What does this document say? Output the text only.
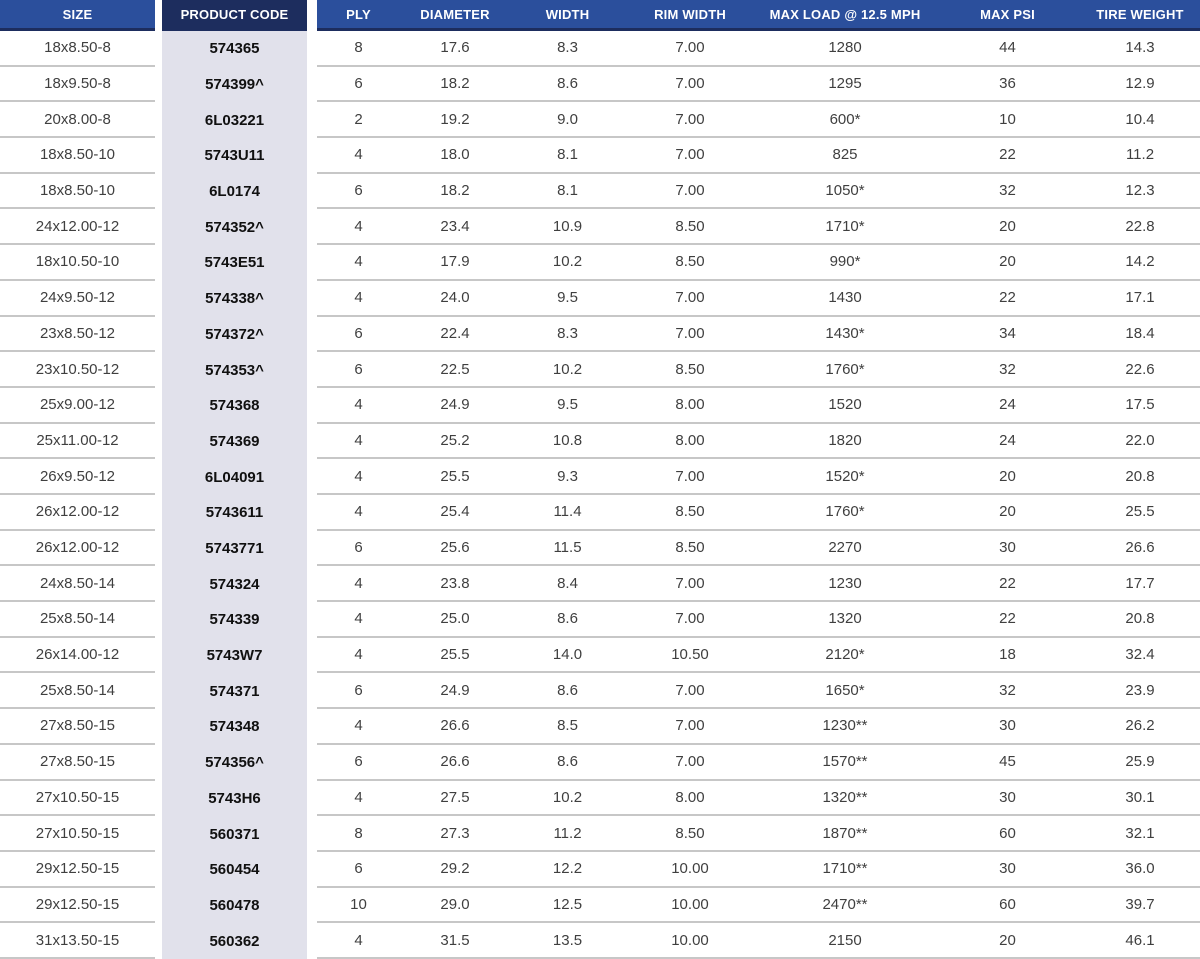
SIZE	PRODUCT CODE	PLY	DIAMETER	WIDTH	RIM WIDTH	MAX LOAD @ 12.5 MPH	MAX PSI	TIRE WEIGHT
18x8.50-8	574365	8	17.6	8.3	7.00	1280	44	14.3
18x9.50-8	574399^	6	18.2	8.6	7.00	1295	36	12.9
20x8.00-8	6L03221	2	19.2	9.0	7.00	600*	10	10.4
18x8.50-10	5743U11	4	18.0	8.1	7.00	825	22	11.2
18x8.50-10	6L0174	6	18.2	8.1	7.00	1050*	32	12.3
24x12.00-12	574352^	4	23.4	10.9	8.50	1710*	20	22.8
18x10.50-10	5743E51	4	17.9	10.2	8.50	990*	20	14.2
24x9.50-12	574338^	4	24.0	9.5	7.00	1430	22	17.1
23x8.50-12	574372^	6	22.4	8.3	7.00	1430*	34	18.4
23x10.50-12	574353^	6	22.5	10.2	8.50	1760*	32	22.6
25x9.00-12	574368	4	24.9	9.5	8.00	1520	24	17.5
25x11.00-12	574369	4	25.2	10.8	8.00	1820	24	22.0
26x9.50-12	6L04091	4	25.5	9.3	7.00	1520*	20	20.8
26x12.00-12	5743611	4	25.4	11.4	8.50	1760*	20	25.5
26x12.00-12	5743771	6	25.6	11.5	8.50	2270	30	26.6
24x8.50-14	574324	4	23.8	8.4	7.00	1230	22	17.7
25x8.50-14	574339	4	25.0	8.6	7.00	1320	22	20.8
26x14.00-12	5743W7	4	25.5	14.0	10.50	2120*	18	32.4
25x8.50-14	574371	6	24.9	8.6	7.00	1650*	32	23.9
27x8.50-15	574348	4	26.6	8.5	7.00	1230**	30	26.2
27x8.50-15	574356^	6	26.6	8.6	7.00	1570**	45	25.9
27x10.50-15	5743H6	4	27.5	10.2	8.00	1320**	30	30.1
27x10.50-15	560371	8	27.3	11.2	8.50	1870**	60	32.1
29x12.50-15	560454	6	29.2	12.2	10.00	1710**	30	36.0
29x12.50-15	560478	10	29.0	12.5	10.00	2470**	60	39.7
31x13.50-15	560362	4	31.5	13.5	10.00	2150	20	46.1
